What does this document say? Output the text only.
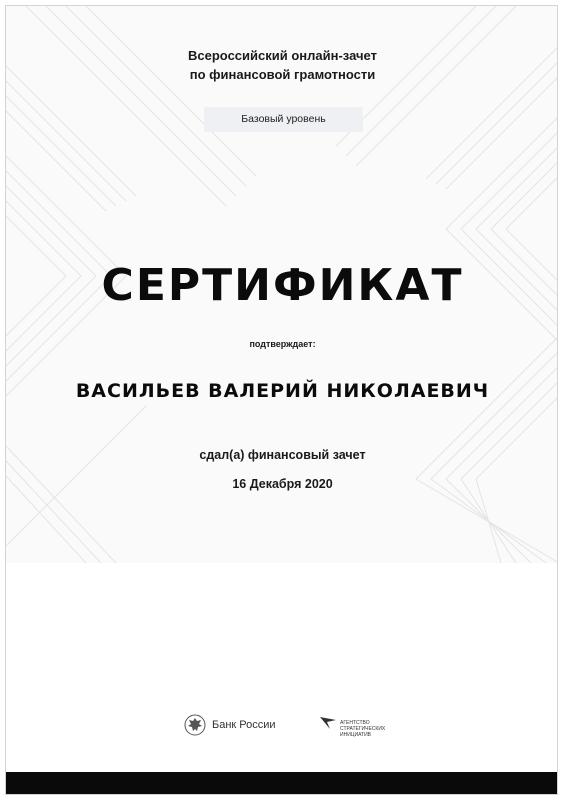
Всероссийский онлайн-зачет
по финансовой грамотности
Базовый уровень
СЕРТИФИКАТ
подтверждает:
ВАСИЛЬЕВ ВАЛЕРИЙ НИКОЛАЕВИЧ
сдал(а) финансовый зачет
16 Декабря 2020
Банк России	АГЕНТСТВО
СТРАТЕГИЧЕСКИХ
ИНИЦИАТИВ
